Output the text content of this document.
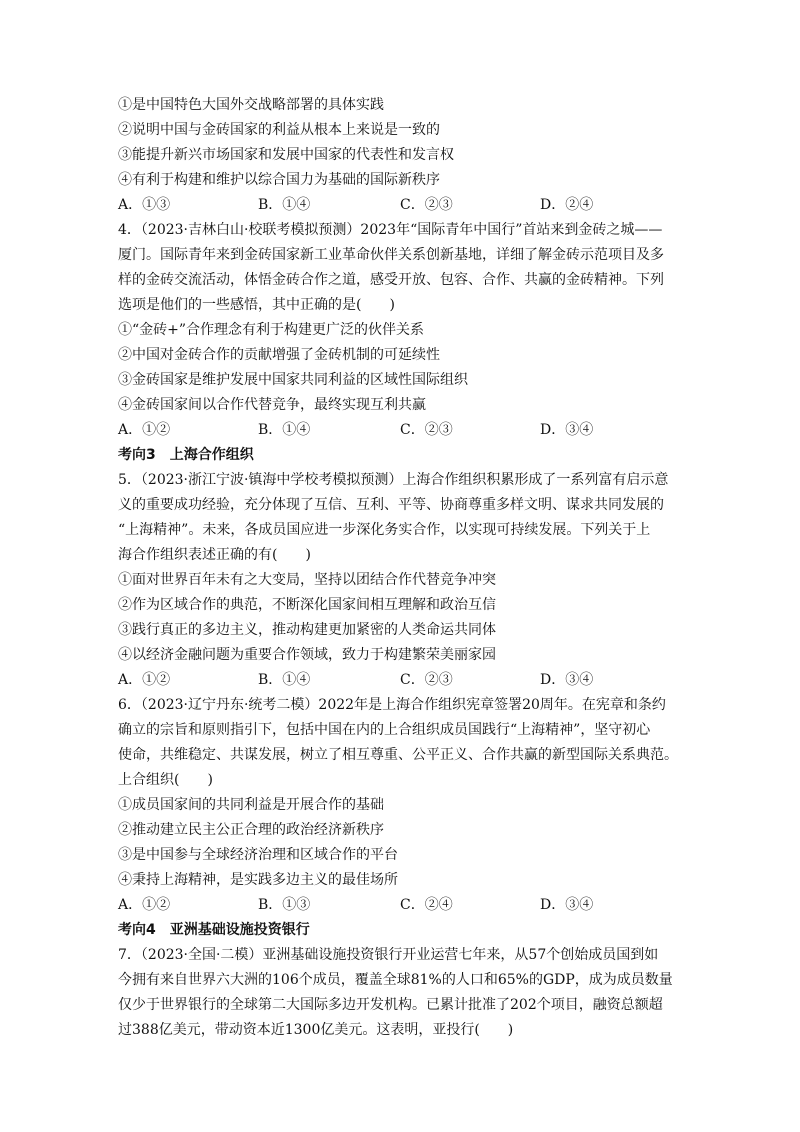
①是中国特色大国外交战略部署的具体实践
②说明中国与金砖国家的利益从根本上来说是一致的
③能提升新兴市场国家和发展中国家的代表性和发言权
④有利于构建和维护以综合国力为基础的国际新秩序
A．①③	B．①④	C．②③	D．②④
4．（2023·吉林白山·校联考模拟预测）2023年“国际青年中国行”首站来到金砖之城——
厦门。国际青年来到金砖国家新工业革命伙伴关系创新基地，详细了解金砖示范项目及多
样的金砖交流活动，体悟金砖合作之道，感受开放、包容、合作、共赢的金砖精神。下列
选项是他们的一些感悟，其中正确的是(　　)
①“金砖+”合作理念有利于构建更广泛的伙伴关系
②中国对金砖合作的贡献增强了金砖机制的可延续性
③金砖国家是维护发展中国家共同利益的区域性国际组织
④金砖国家间以合作代替竞争，最终实现互利共赢
A．①②	B．①④	C．②③	D．③④
考向3　上海合作组织
5．（2023·浙江宁波·镇海中学校考模拟预测）上海合作组织积累形成了一系列富有启示意
义的重要成功经验，充分体现了互信、互利、平等、协商尊重多样文明、谋求共同发展的
“上海精神”。未来，各成员国应进一步深化务实合作，以实现可持续发展。下列关于上
海合作组织表述正确的有(　　)
①面对世界百年未有之大变局，坚持以团结合作代替竞争冲突
②作为区域合作的典范，不断深化国家间相互理解和政治互信
③践行真正的多边主义，推动构建更加紧密的人类命运共同体
④以经济金融问题为重要合作领域，致力于构建繁荣美丽家园
A．①②	B．①④	C．②③	D．③④
6．（2023·辽宁丹东·统考二模）2022年是上海合作组织宪章签署20周年。在宪章和条约
确立的宗旨和原则指引下，包括中国在内的上合组织成员国践行“上海精神”，坚守初心
使命，共维稳定、共谋发展，树立了相互尊重、公平正义、合作共赢的新型国际关系典范。
上合组织(　　)
①成员国家间的共同利益是开展合作的基础
②推动建立民主公正合理的政治经济新秩序
③是中国参与全球经济治理和区域合作的平台
④秉持上海精神，是实践多边主义的最佳场所
A．①②	B．①③	C．②④	D．③④
考向4　亚洲基础设施投资银行
7．（2023·全国·二模）亚洲基础设施投资银行开业运营七年来，从57个创始成员国到如
今拥有来自世界六大洲的106个成员，覆盖全球81%的人口和65%的GDP，成为成员数量
仅少于世界银行的全球第二大国际多边开发机构。已累计批准了202个项目，融资总额超
过388亿美元，带动资本近1300亿美元。这表明，亚投行(　　)
